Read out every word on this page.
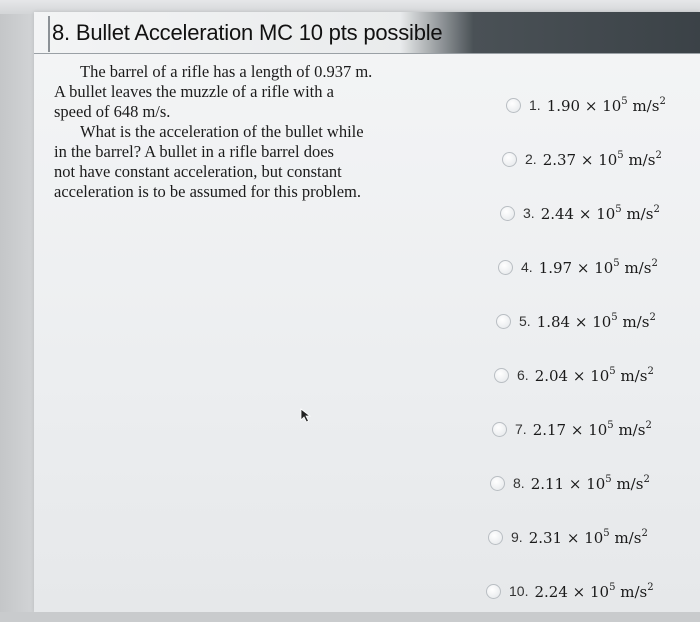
8. Bullet Acceleration MC 10 pts possible
The barrel of a rifle has a length of 0.937 m.
A bullet leaves the muzzle of a rifle with a
speed of 648 m/s.
What is the acceleration of the bullet while
in the barrel? A bullet in a rifle barrel does
not have constant acceleration, but constant
acceleration is to be assumed for this problem.
1. $1.90 \times 10^5$ $m/s^2$
2. $2.37 \times 10^5$ $m/s^2$
3. $2.44 \times 10^5$ $m/s^2$
4. $1.97 \times 10^5$ $m/s^2$
5. $1.84 \times 10^5$ $m/s^2$
6. $2.04 \times 10^5$ $m/s^2$
7. $2.17 \times 10^5$ $m/s^2$
8. $2.11 \times 10^5$ $m/s^2$
9. $2.31 \times 10^5$ $m/s^2$
10. $2.24 \times 10^5$ $m/s^2$
